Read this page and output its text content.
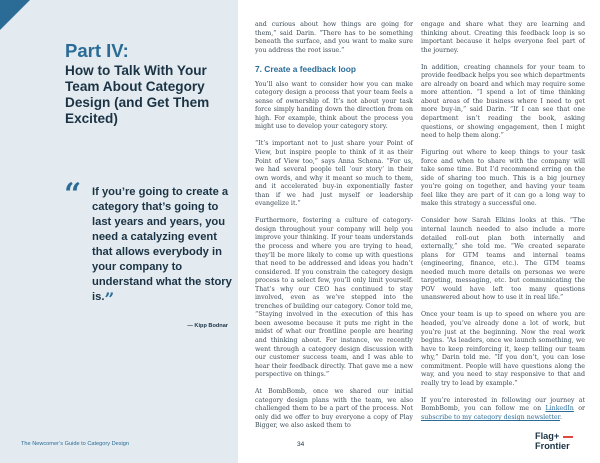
Part IV:
How to Talk With Your Team About Category Design (and Get Them Excited)
“ If you’re going to create a category that’s going to last years and years, you need a catalyzing event that allows everybody in your company to understand what the story is.”
— Kipp Bodnar
The Newcomer’s Guide to Category Design

and curious about how things are going for them,” said Darin. “There has to be something beneath the surface, and you want to make sure you address the root issue.”

7. Create a feedback loop

You’ll also want to consider how you can make category design a process that your team feels a sense of ownership of. It’s not about your task force simply handing down the direction from on high. For example, think about the process you might use to develop your category story.

“It’s important not to just share your Point of View, but inspire people to think of it as their Point of View too,” says Anna Schena. “For us, we had several people tell ‘our story’ in their own words, and why it meant so much to them, and it accelerated buy-in exponentially faster than if we had just myself or leadership evangelize it.”

Furthermore, fostering a culture of category-design throughout your company will help you improve your thinking. If your team understands the process and where you are trying to head, they’ll be more likely to come up with questions that need to be addressed and ideas you hadn’t considered. If you constrain the category design process to a select few, you’ll only limit yourself. That’s why our CEO has continued to stay involved, even as we’ve stepped into the trenches of building our category. Conor told me, “Staying involved in the execution of this has been awesome because it puts me right in the midst of what our frontline people are hearing and thinking about. For instance, we recently went through a category design discussion with our customer success team, and I was able to hear their feedback directly. That gave me a new perspective on things.”

At BombBomb, once we shared our initial category design plans with the team, we also challenged them to be a part of the process. Not only did we offer to buy everyone a copy of Play Bigger, we also asked them to

engage and share what they are learning and thinking about. Creating this feedback loop is so important because it helps everyone feel part of the journey.

In addition, creating channels for your team to provide feedback helps you see which departments are already on board and which may require some more attention. “I spend a lot of time thinking about areas of the business where I need to get more buy-in,” said Darin. “If I can see that one department isn’t reading the book, asking questions, or showing engagement, then I might need to help them along.”

Figuring out where to keep things to your task force and when to share with the company will take some time. But I’d recommend erring on the side of sharing too much. This is a big journey you’re going on together, and having your team feel like they are part of it can go a long way to make this strategy a successful one.

Consider how Sarah Elkins looks at this. “The internal launch needed to also include a more detailed roll-out plan both internally and externally,” she told me. “We created separate plans for GTM teams and internal teams (engineering, finance, etc.). The GTM teams needed much more details on personas we were targeting, messaging, etc. but communicating the POV would have left too many questions unanswered about how to use it in real life.”

Once your team is up to speed on where you are headed, you’ve already done a lot of work, but you’re just at the beginning. Now the real work begins. “As leaders, once we launch something, we have to keep reinforcing it, keep telling our team why,” Darin told me. “If you don’t, you can lose commitment. People will have questions along the way, and you need to stay responsive to that and really try to lead by example.”

If you’re interested in following our journey at BombBomb, you can follow me on LinkedIn or subscribe to my category design newsletter.

34
Flag+
Frontier
